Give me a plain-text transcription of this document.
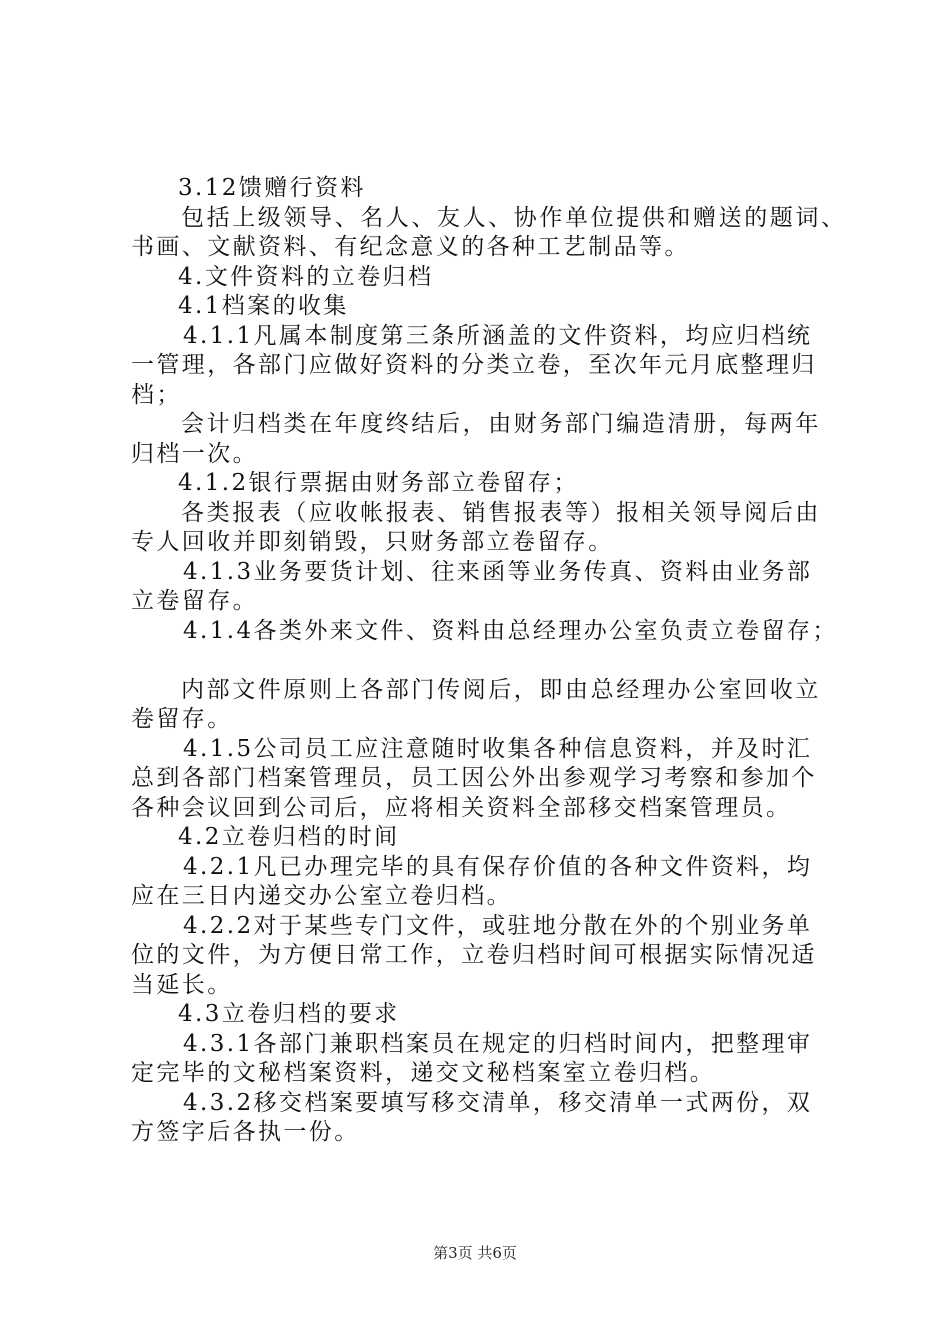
3.12馈赠行资料
包括上级领导、名人、友人、协作单位提供和赠送的题词、
书画、文献资料、有纪念意义的各种工艺制品等。
4.文件资料的立卷归档
4.1档案的收集
4.1.1凡属本制度第三条所涵盖的文件资料，均应归档统
一管理，各部门应做好资料的分类立卷，至次年元月底整理归
档；
会计归档类在年度终结后，由财务部门编造清册，每两年
归档一次。
4.1.2银行票据由财务部立卷留存；
各类报表（应收帐报表、销售报表等）报相关领导阅后由
专人回收并即刻销毁，只财务部立卷留存。
4.1.3业务要货计划、往来函等业务传真、资料由业务部
立卷留存。
4.1.4各类外来文件、资料由总经理办公室负责立卷留存；
内部文件原则上各部门传阅后，即由总经理办公室回收立
卷留存。
4.1.5公司员工应注意随时收集各种信息资料，并及时汇
总到各部门档案管理员，员工因公外出参观学习考察和参加个
各种会议回到公司后，应将相关资料全部移交档案管理员。
4.2立卷归档的时间
4.2.1凡已办理完毕的具有保存价值的各种文件资料，均
应在三日内递交办公室立卷归档。
4.2.2对于某些专门文件，或驻地分散在外的个别业务单
位的文件，为方便日常工作，立卷归档时间可根据实际情况适
当延长。
4.3立卷归档的要求
4.3.1各部门兼职档案员在规定的归档时间内，把整理审
定完毕的文秘档案资料，递交文秘档案室立卷归档。
4.3.2移交档案要填写移交清单，移交清单一式两份，双
方签字后各执一份。
第3页 共6页
